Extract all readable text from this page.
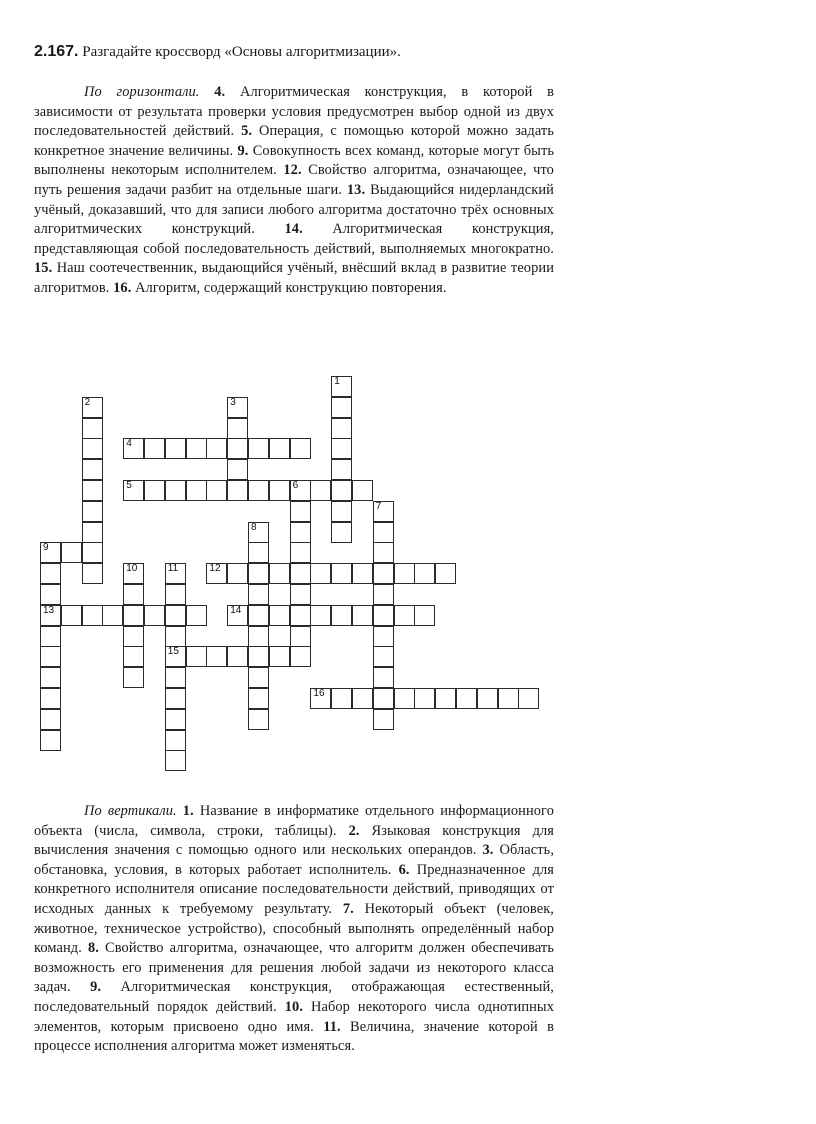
2.167. Разгадайте кроссворд «Основы алгоритмизации».
По горизонтали. 4. Алгоритмическая конструкция, в которой в зависимости от результата проверки условия предусмотрен выбор одной из двух последовательностей действий. 5. Операция, с помощью которой можно задать конкретное значение величины. 9. Совокупность всех команд, которые могут быть выполнены некоторым исполнителем. 12. Свойство алгоритма, означающее, что путь решения задачи разбит на отдельные шаги. 13. Выдающийся нидерландский учёный, доказавший, что для записи любого алгоритма достаточно трёх основных алгоритмических конструкций. 14. Алгоритмическая конструкция, представляющая собой последовательность действий, выполняемых многократно. 15. Наш соотечественник, выдающийся учёный, внёсший вклад в развитие теории алгоритмов. 16. Алгоритм, содержащий конструкцию повторения.
1
2	3
4
5	6
7
8
9
13
10	11
15
12
14
16
По вертикали. 1. Название в информатике отдельного информационного объекта (числа, символа, строки, таблицы). 2. Языковая конструкция для вычисления значения с помощью одного или нескольких операндов. 3. Область, обстановка, условия, в которых работает исполнитель. 6. Предназначенное для конкретного исполнителя описание последовательности действий, приводящих от исходных данных к требуемому результату. 7. Некоторый объект (человек, животное, техническое устройство), способный выполнять определённый набор команд. 8. Свойство алгоритма, означающее, что алгоритм должен обеспечивать возможность его применения для решения любой задачи из некоторого класса задач. 9. Алгоритмическая конструкция, отображающая естественный, последовательный порядок действий. 10. Набор некоторого числа однотипных элементов, которым присвоено одно имя. 11. Величина, значение которой в процессе исполнения алгоритма может изменяться.
